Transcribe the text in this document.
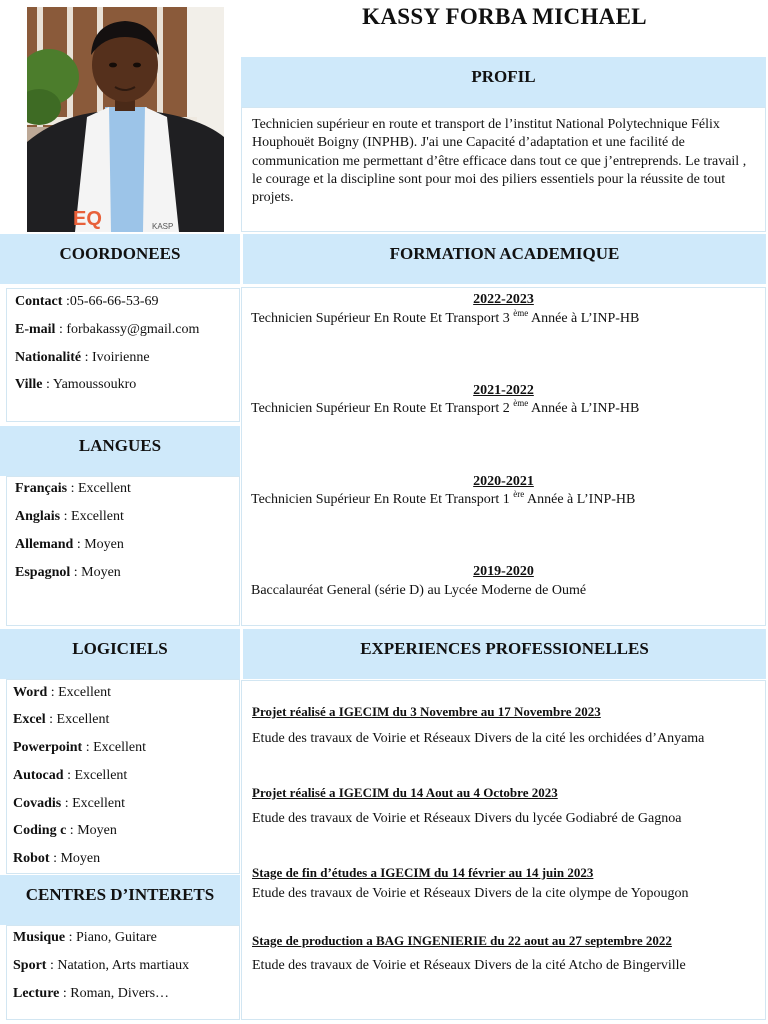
KASSY FORBA MICHAEL
EQ	KASP
PROFIL
Technicien supérieur en route et transport de l’institut National Polytechnique Félix Houphouët Boigny (INPHB). J'ai une Capacité d’adaptation et une facilité de communication me permettant d’être efficace dans tout ce que j’entreprends. Le travail , le courage et la discipline sont pour moi des piliers essentiels pour la réussite de tout projets.
COORDONEES
Contact :05-66-66-53-69
E-mail : forbakassy@gmail.com
Nationalité : Ivoirienne
Ville : Yamoussoukro
LANGUES
Français : Excellent
Anglais : Excellent
Allemand : Moyen
Espagnol : Moyen
LOGICIELS
Word : Excellent
Excel : Excellent
Powerpoint : Excellent
Autocad : Excellent
Covadis : Excellent
Coding c : Moyen
Robot : Moyen
CENTRES D’INTERETS
Musique : Piano, Guitare
Sport : Natation, Arts martiaux
Lecture : Roman, Divers…
FORMATION ACADEMIQUE
2022-2023
Technicien Supérieur En Route Et Transport 3 $^{ème}$ Année à L’INP-HB
2021-2022
Technicien Supérieur En Route Et Transport 2 $^{ème}$ Année à L’INP-HB
2020-2021
Technicien Supérieur En Route Et Transport 1 $^{ère}$ Année à L’INP-HB
2019-2020
Baccalauréat General (série D) au Lycée Moderne de Oumé
EXPERIENCES PROFESSIONELLES
Projet réalisé a IGECIM du 3 Novembre au 17 Novembre 2023
Etude des travaux de Voirie et Réseaux Divers de la cité les orchidées d’Anyama
Projet réalisé a IGECIM du 14 Aout au 4 Octobre 2023
Etude des travaux de Voirie et Réseaux Divers du lycée Godiabré de Gagnoa
Stage de fin d’études a IGECIM du 14 février au 14 juin 2023
Etude des travaux de Voirie et Réseaux Divers de la cite olympe de Yopougon
Stage de production a BAG INGENIERIE du 22 aout au 27 septembre 2022
Etude des travaux de Voirie et Réseaux Divers de la cité Atcho de Bingerville
